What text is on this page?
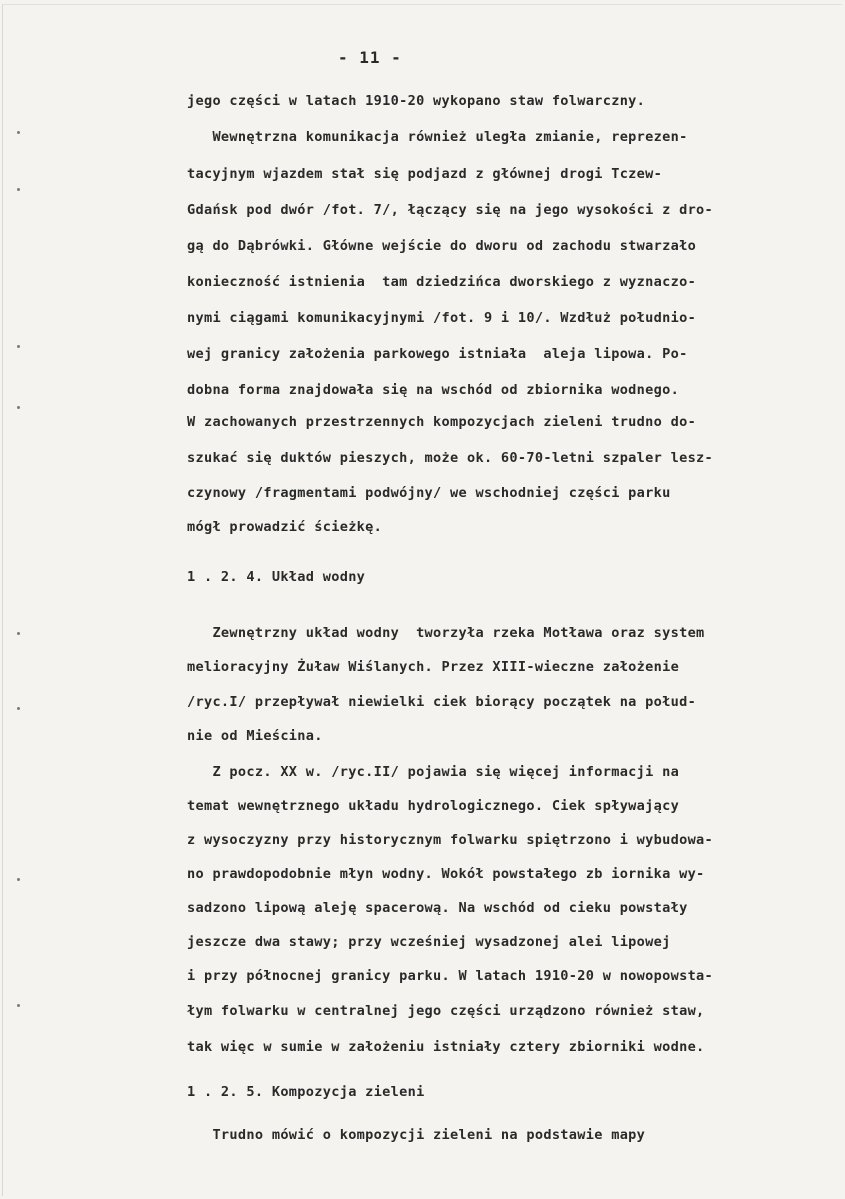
- 11 -
jego części w latach 1910-20 wykopano staw folwarczny.
Wewnętrzna komunikacja również uległa zmianie, reprezen-
tacyjnym wjazdem stał się podjazd z głównej drogi Tczew-
Gdańsk pod dwór /fot. 7/, łączący się na jego wysokości z dro-
gą do Dąbrówki. Główne wejście do dworu od zachodu stwarzało
konieczność istnienia  tam dziedzińca dworskiego z wyznaczo-
nymi ciągami komunikacyjnymi /fot. 9 i 10/. Wzdłuż południo-
wej granicy założenia parkowego istniała  aleja lipowa. Po-
dobna forma znajdowała się na wschód od zbiornika wodnego.
W zachowanych przestrzennych kompozycjach zieleni trudno do-
szukać się duktów pieszych, może ok. 60-70-letni szpaler lesz-
czynowy /fragmentami podwójny/ we wschodniej części parku
mógł prowadzić ścieżkę.
1 . 2. 4. Układ wodny
Zewnętrzny układ wodny  tworzyła rzeka Motława oraz system
melioracyjny Żuław Wiślanych. Przez XIII-wieczne założenie
/ryc.I/ przepływał niewielki ciek biorący początek na połud-
nie od Mieścina.
Z pocz. XX w. /ryc.II/ pojawia się więcej informacji na
temat wewnętrznego układu hydrologicznego. Ciek spływający
z wysoczyzny przy historycznym folwarku spiętrzono i wybudowa-
no prawdopodobnie młyn wodny. Wokół powstałego zb iornika wy-
sadzono lipową aleję spacerową. Na wschód od cieku powstały
jeszcze dwa stawy; przy wcześniej wysadzonej alei lipowej
i przy północnej granicy parku. W latach 1910-20 w nowopowsta-
łym folwarku w centralnej jego części urządzono również staw,
tak więc w sumie w założeniu istniały cztery zbiorniki wodne.
1 . 2. 5. Kompozycja zieleni
Trudno mówić o kompozycji zieleni na podstawie mapy
